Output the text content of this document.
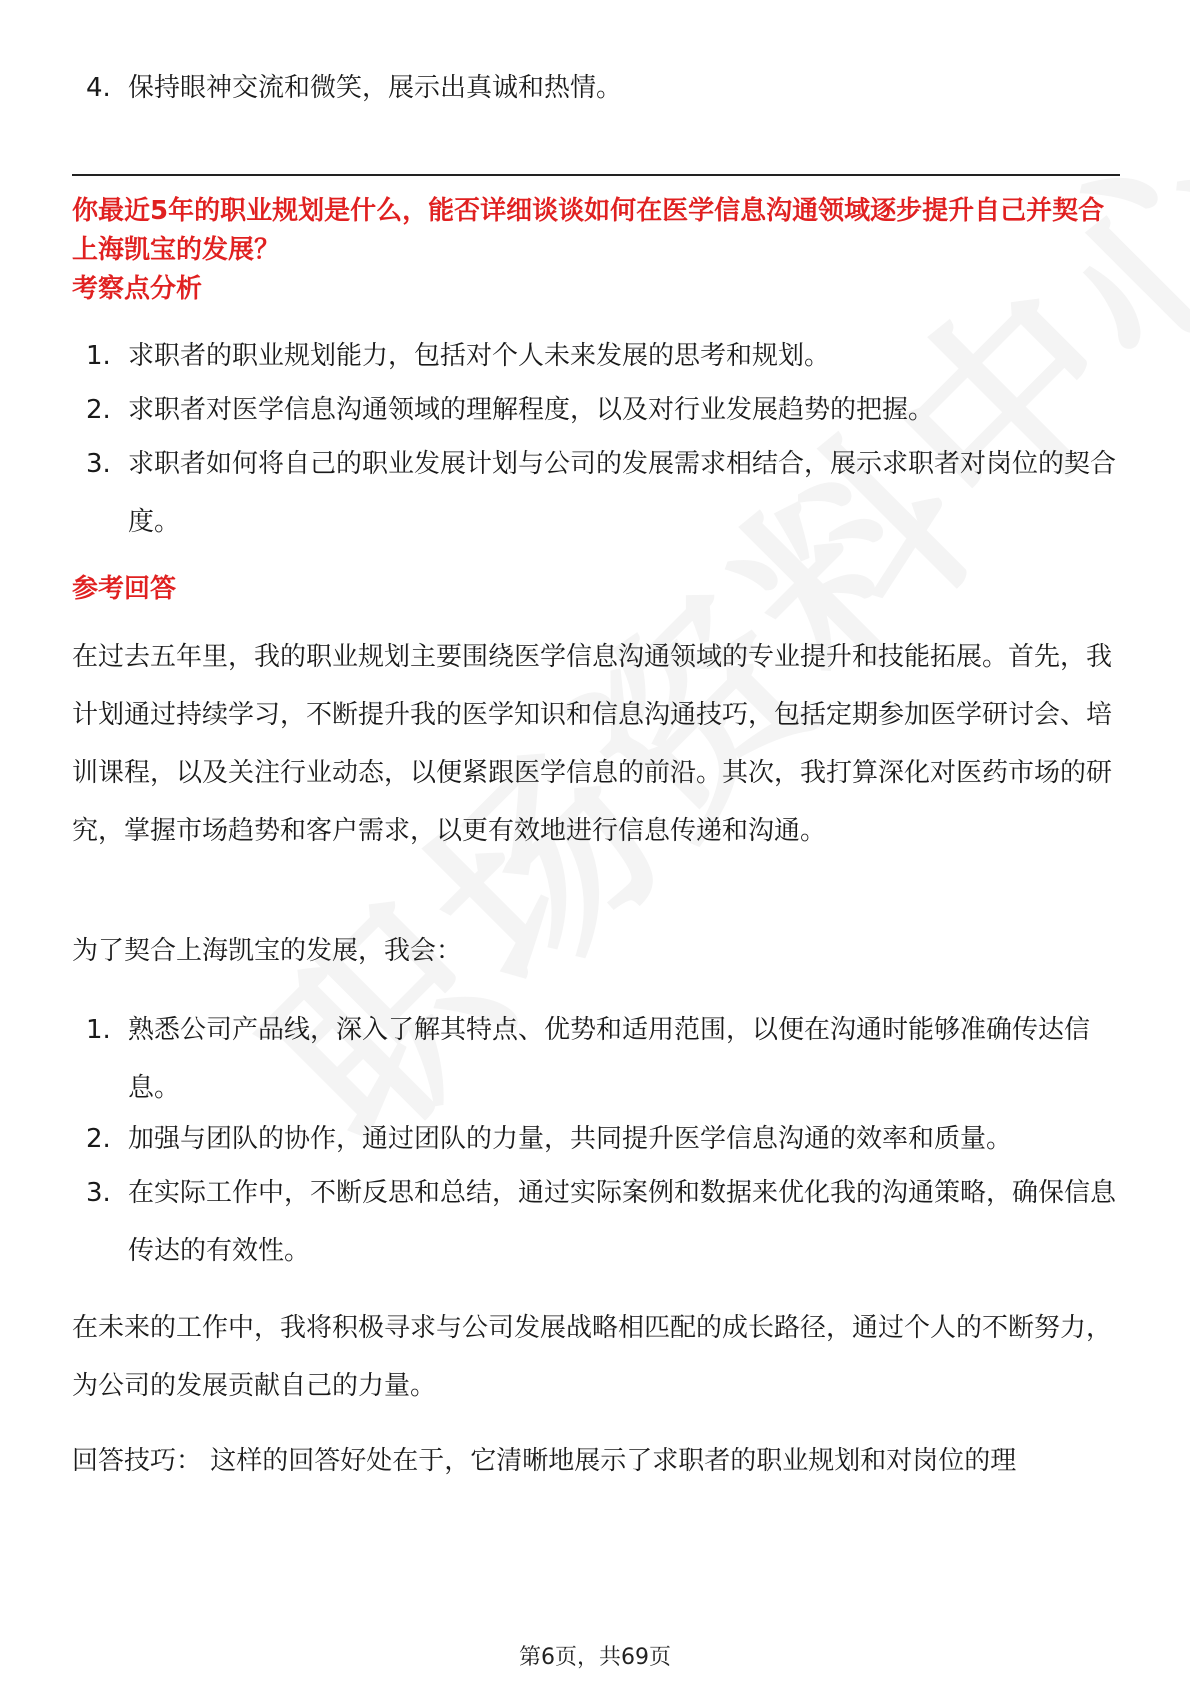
4. 保持眼神交流和微笑，展示出真诚和热情。
你最近5年的职业规划是什么，能否详细谈谈如何在医学信息沟通领域逐步提升自己并契合上海凯宝的发展？
考察点分析
1. 求职者的职业规划能力，包括对个人未来发展的思考和规划。
2. 求职者对医学信息沟通领域的理解程度，以及对行业发展趋势的把握。
3. 求职者如何将自己的职业发展计划与公司的发展需求相结合，展示求职者对岗位的契合度。
参考回答
在过去五年里，我的职业规划主要围绕医学信息沟通领域的专业提升和技能拓展。首先，我计划通过持续学习，不断提升我的医学知识和信息沟通技巧，包括定期参加医学研讨会、培训课程，以及关注行业动态，以便紧跟医学信息的前沿。其次，我打算深化对医药市场的研究，掌握市场趋势和客户需求，以更有效地进行信息传递和沟通。
为了契合上海凯宝的发展，我会：
1. 熟悉公司产品线，深入了解其特点、优势和适用范围，以便在沟通时能够准确传达信息。
2. 加强与团队的协作，通过团队的力量，共同提升医学信息沟通的效率和质量。
3. 在实际工作中，不断反思和总结，通过实际案例和数据来优化我的沟通策略，确保信息传达的有效性。
在未来的工作中，我将积极寻求与公司发展战略相匹配的成长路径，通过个人的不断努力，为公司的发展贡献自己的力量。
回答技巧： 这样的回答好处在于，它清晰地展示了求职者的职业规划和对岗位的理
第6页，共69页
